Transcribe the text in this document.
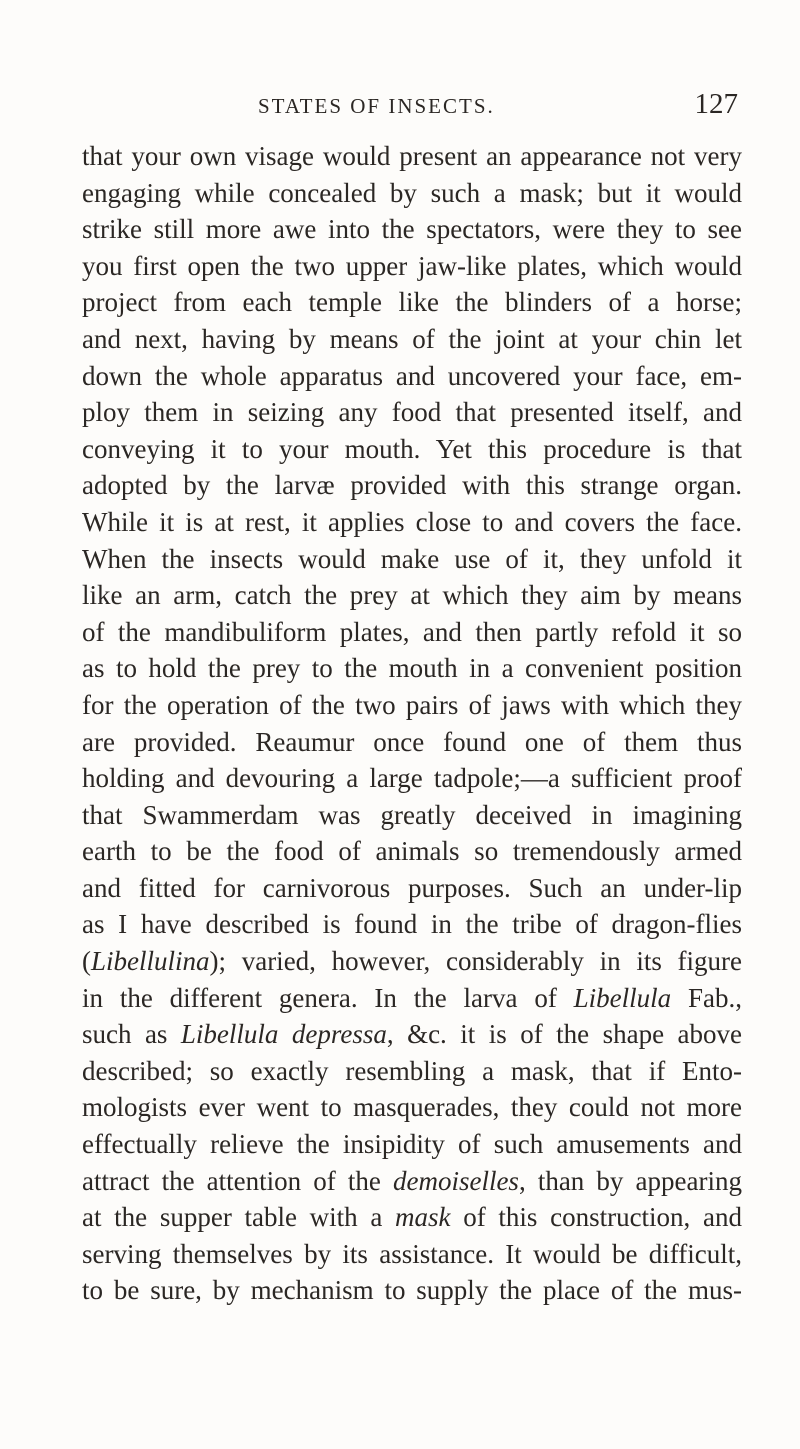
STATES OF INSECTS.	127
that your own visage would present an appearance not very
engaging while concealed by such a mask; but it would
strike still more awe into the spectators, were they to see
you first open the two upper jaw-like plates, which would
project from each temple like the blinders of a horse;
and next, having by means of the joint at your chin let
down the whole apparatus and uncovered your face, em-
ploy them in seizing any food that presented itself, and
conveying it to your mouth. Yet this procedure is that
adopted by the larvæ provided with this strange organ.
While it is at rest, it applies close to and covers the face.
When the insects would make use of it, they unfold it
like an arm, catch the prey at which they aim by means
of the mandibuliform plates, and then partly refold it so
as to hold the prey to the mouth in a convenient position
for the operation of the two pairs of jaws with which they
are provided. Reaumur once found one of them thus
holding and devouring a large tadpole;—a sufficient proof
that Swammerdam was greatly deceived in imagining
earth to be the food of animals so tremendously armed
and fitted for carnivorous purposes. Such an under-lip
as I have described is found in the tribe of dragon-flies
(Libellulina); varied, however, considerably in its figure
in the different genera. In the larva of Libellula Fab.,
such as Libellula depressa, &c. it is of the shape above
described; so exactly resembling a mask, that if Ento-
mologists ever went to masquerades, they could not more
effectually relieve the insipidity of such amusements and
attract the attention of the demoiselles, than by appearing
at the supper table with a mask of this construction, and
serving themselves by its assistance. It would be difficult,
to be sure, by mechanism to supply the place of the mus-
